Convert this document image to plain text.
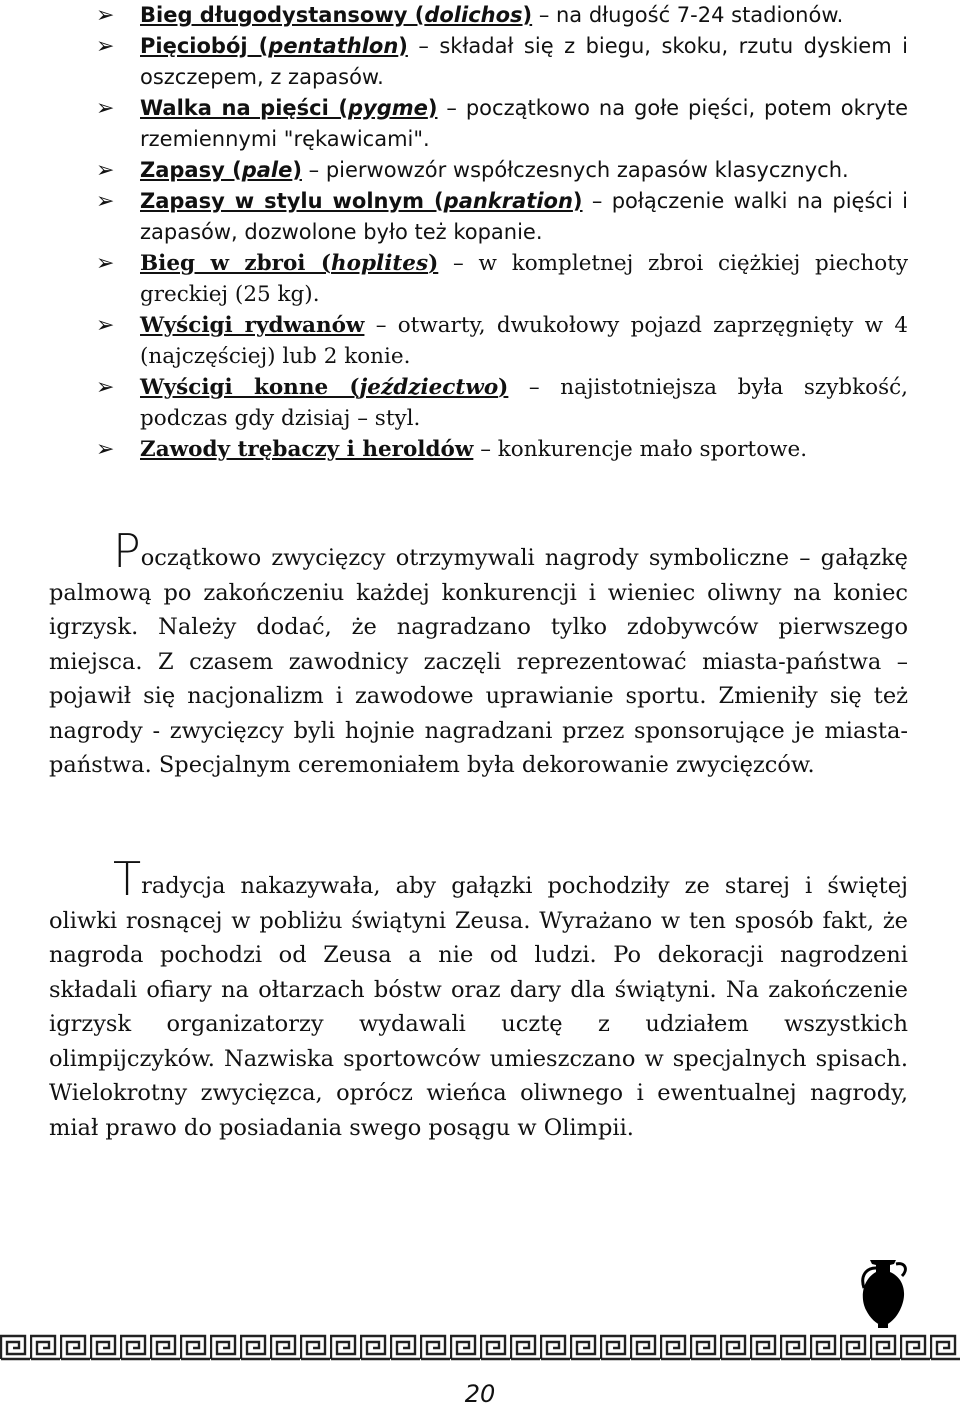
➢ Bieg długodystansowy (dolichos) – na długość 7-24 stadionów.
➢ Pięciobój (pentathlon) – składał się z biegu, skoku, rzutu dyskiem i oszczepem, z zapasów.
➢ Walka na pięści (pygme) – początkowo na gołe pięści, potem okryte rzemiennymi "rękawicami".
➢ Zapasy (pale) – pierwowzór współczesnych zapasów klasycznych.
➢ Zapasy w stylu wolnym (pankration) – połączenie walki na pięści i zapasów, dozwolone było też kopanie.
➢ Bieg w zbroi (hoplites) – w kompletnej zbroi ciężkiej piechoty greckiej (25 kg).
➢ Wyścigi rydwanów – otwarty, dwukołowy pojazd zaprzęgnięty w 4 (najczęściej) lub 2 konie.
➢ Wyścigi konne (jeździectwo) – najistotniejsza była szybkość, podczas gdy dzisiaj – styl.
➢ Zawody trębaczy i heroldów – konkurencje mało sportowe.

Początkowo zwycięzcy otrzymywali nagrody symboliczne – gałązkę palmową po zakończeniu każdej konkurencji i wieniec oliwny na koniec igrzysk. Należy dodać, że nagradzano tylko zdobywców pierwszego miejsca. Z czasem zawodnicy zaczęli reprezentować miasta-państwa – pojawił się nacjonalizm i zawodowe uprawianie sportu. Zmieniły się też nagrody - zwycięzcy byli hojnie nagradzani przez sponsorujące je miasta-państwa. Specjalnym ceremoniałem była dekorowanie zwycięzców.

Tradycja nakazywała, aby gałązki pochodziły ze starej i świętej oliwki rosnącej w pobliżu świątyni Zeusa. Wyrażano w ten sposób fakt, że nagroda pochodzi od Zeusa a nie od ludzi. Po dekoracji nagrodzeni składali ofiary na ołtarzach bóstw oraz dary dla świątyni. Na zakończenie igrzysk organizatorzy wydawali ucztę z udziałem wszystkich olimpijczyków. Nazwiska sportowców umieszczano w specjalnych spisach. Wielokrotny zwycięzca, oprócz wieńca oliwnego i ewentualnej nagrody, miał prawo do posiadania swego posągu w Olimpii.

20
